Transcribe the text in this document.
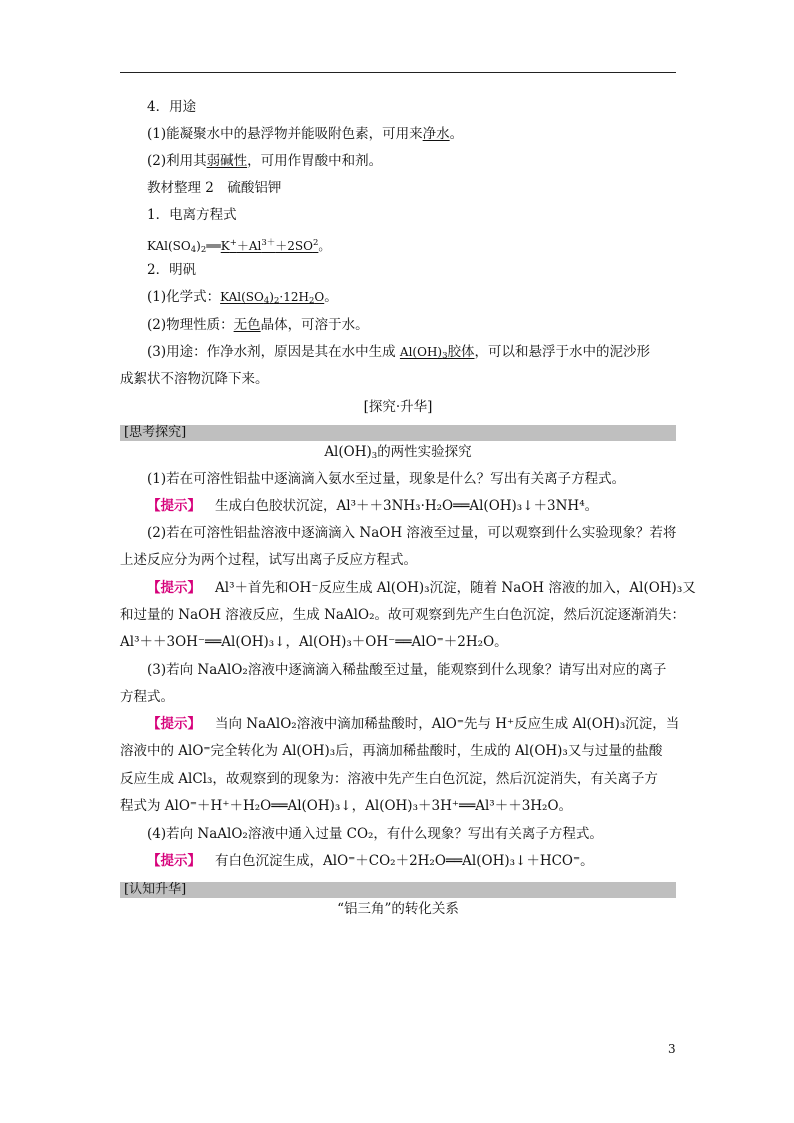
4．用途
(1)能凝聚水中的悬浮物并能吸附色素，可用来净水。
(2)利用其弱碱性，可用作胃酸中和剂。
教材整理 2　硫酸铝钾
1．电离方程式
$KAl(SO_4)_2══K^++Al^{3+}+2SO^2$。
2．明矾
(1)化学式：$KAl(SO_4)_2\cdot 12H_2O$。
(2)物理性质：无色晶体，可溶于水。
(3)用途：作净水剂，原因是其在水中生成 $Al(OH)_3$胶体，可以和悬浮于水中的泥沙形
成絮状不溶物沉降下来。
[探究·升华]
[思考探究]
$Al(OH)_3$的两性实验探究
(1)若在可溶性铝盐中逐滴滴入氨水至过量，现象是什么？写出有关离子方程式。
【提示】 生成白色胶状沉淀，Al³＋＋3NH₃·H₂O══Al(OH)₃↓＋3NH⁴。
(2)若在可溶性铝盐溶液中逐滴滴入 NaOH 溶液至过量，可以观察到什么实验现象？若将
上述反应分为两个过程，试写出离子反应方程式。
【提示】 Al³＋首先和OH⁻反应生成 Al(OH)₃沉淀，随着 NaOH 溶液的加入，Al(OH)₃又
和过量的 NaOH 溶液反应，生成 NaAlO₂。故可观察到先产生白色沉淀，然后沉淀逐渐消失：
Al³＋＋3OH⁻══Al(OH)₃↓，Al(OH)₃＋OH⁻══AlO⁼＋2H₂O。
(3)若向 NaAlO₂溶液中逐滴滴入稀盐酸至过量，能观察到什么现象？请写出对应的离子
方程式。
【提示】 当向 NaAlO₂溶液中滴加稀盐酸时，AlO⁼先与 H⁺反应生成 Al(OH)₃沉淀，当
溶液中的 AlO⁼完全转化为 Al(OH)₃后，再滴加稀盐酸时，生成的 Al(OH)₃又与过量的盐酸
反应生成 AlCl₃，故观察到的现象为：溶液中先产生白色沉淀，然后沉淀消失，有关离子方
程式为 AlO⁼＋H⁺＋H₂O══Al(OH)₃↓，Al(OH)₃＋3H⁺══Al³＋＋3H₂O。
(4)若向 NaAlO₂溶液中通入过量 CO₂，有什么现象？写出有关离子方程式。
【提示】 有白色沉淀生成，AlO⁼＋CO₂＋2H₂O══Al(OH)₃↓＋HCO⁼。
[认知升华]
“铝三角”的转化关系
3
